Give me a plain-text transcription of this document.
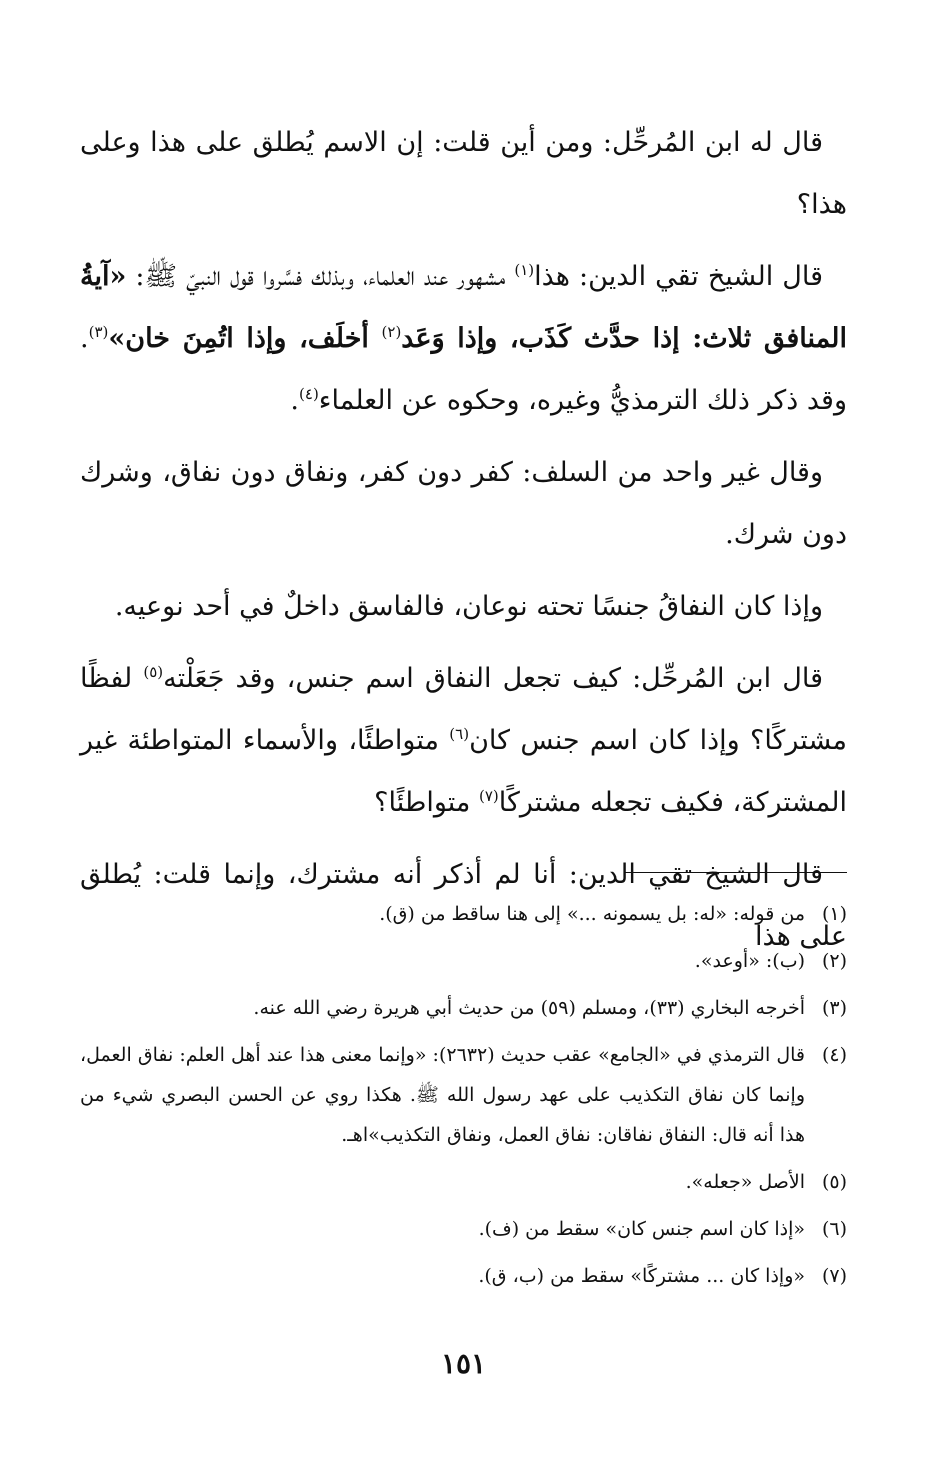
قال له ابن المُرحِّل: ومن أين قلت: إن الاسم يُطلق على هذا وعلى هذا؟

قال الشيخ تقي الدين: هذا$^{(١)}$ مشهور عند العلماء، وبذلك فسَّروا قول النبيّ ﷺ: «آيةُ المنافق ثلاث: إذا حدَّث كَذَب، وإذا وَعَد$^{(٢)}$ أخلَف، وإذا اتُمِنَ خان»$^{(٣)}$. وقد ذكر ذلك الترمذيُّ وغيره، وحكوه عن العلماء$^{(٤)}$.

وقال غير واحد من السلف: كفر دون كفر، ونفاق دون نفاق، وشرك دون شرك.

وإذا كان النفاقُ جنسًا تحته نوعان، فالفاسق داخلٌ في أحد نوعيه.

قال ابن المُرحِّل: كيف تجعل النفاق اسم جنس، وقد جَعَلْته$^{(٥)}$ لفظًا مشتركًا؟ وإذا كان اسم جنس كان$^{(٦)}$ متواطئًا، والأسماء المتواطئة غير المشتركة، فكيف تجعله مشتركًا$^{(٧)}$ متواطئًا؟

قال الشيخ تقي الدين: أنا لم أذكر أنه مشترك، وإنما قلت: يُطلق على هذا

(١)
من قوله: «له: بل يسمونه ...» إلى هنا ساقط من (ق).
(٢)
(ب): «أوعد».
(٣)
أخرجه البخاري (٣٣)، ومسلم (٥٩) من حديث أبي هريرة رضي الله عنه.
(٤)
قال الترمذي في «الجامع» عقب حديث (٢٦٣٢): «وإنما معنى هذا عند أهل العلم: نفاق العمل، وإنما كان نفاق التكذيب على عهد رسول الله ﷺ. هكذا روي عن الحسن البصري شيء من هذا أنه قال: النفاق نفاقان: نفاق العمل، ونفاق التكذيب»اهـ.
(٥)
الأصل «جعله».
(٦)
«إذا كان اسم جنس كان» سقط من (ف).
(٧)
«وإذا كان ... مشتركًا» سقط من (ب، ق).
١٥١
